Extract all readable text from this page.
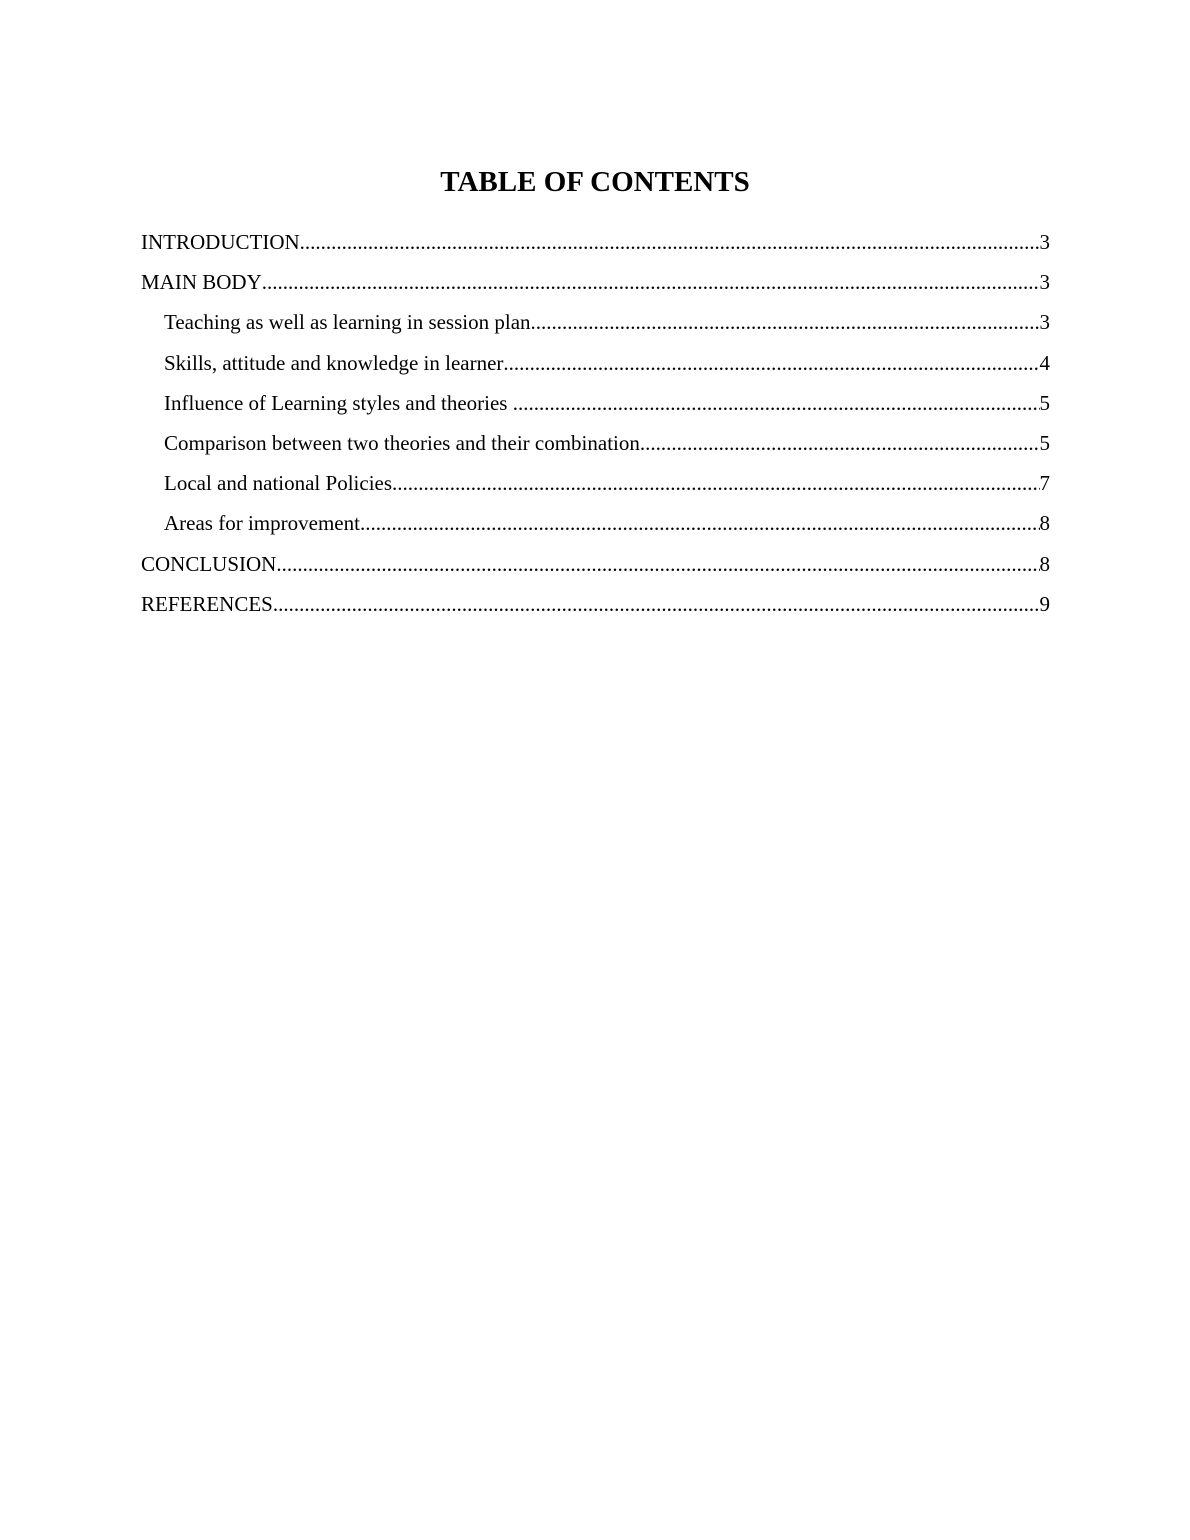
TABLE OF CONTENTS
INTRODUCTION .....	3
MAIN BODY .....	3
Teaching as well as learning in session plan .....	3
Skills, attitude and knowledge in learner .....	4
Influence of Learning styles and theories .....	5
Comparison between two theories and their combination .....	5
Local and national Policies .....	7
Areas for improvement .....	8
CONCLUSION .....	8
REFERENCES .....	9
